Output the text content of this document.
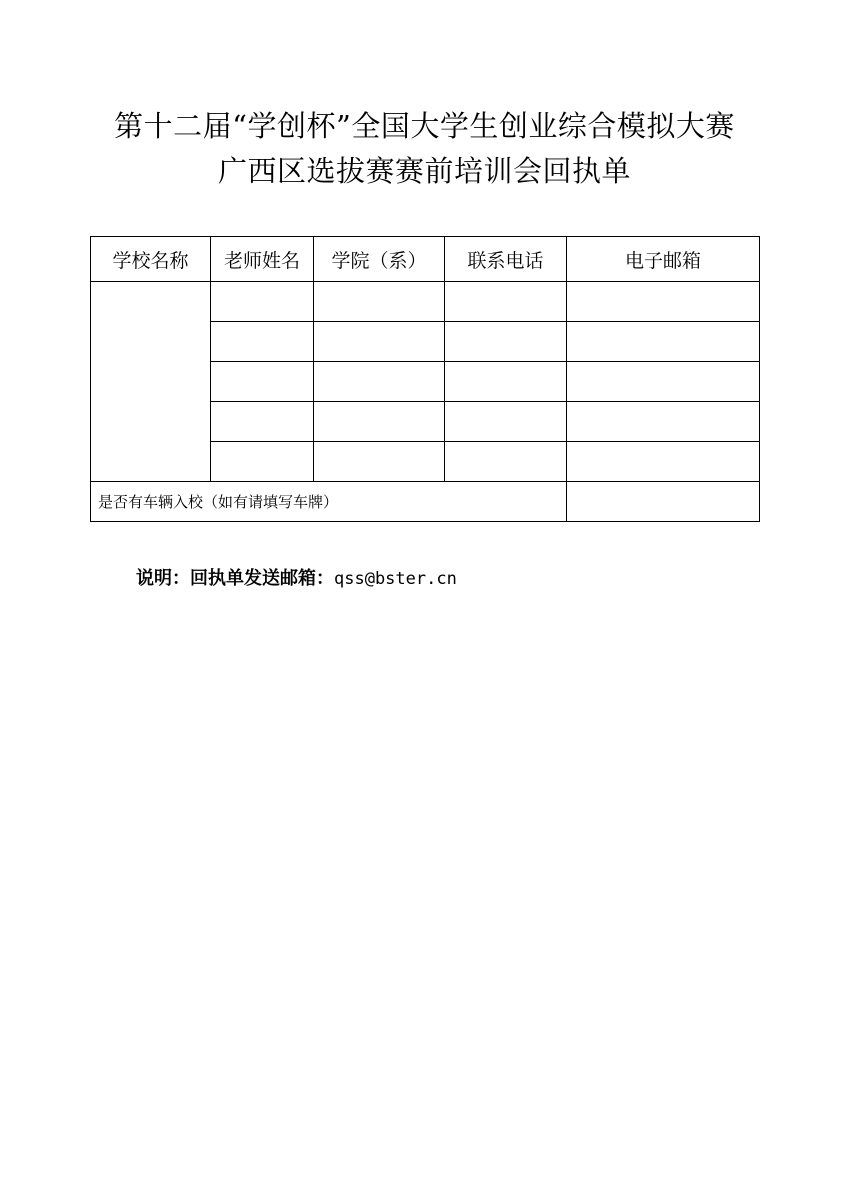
第十二届“学创杯”全国大学生创业综合模拟大赛
广西区选拔赛赛前培训会回执单
学校名称	老师姓名	学院（系）	联系电话	电子邮箱

是否有车辆入校（如有请填写车牌）				
说明：回执单发送邮箱：qss@bster.cn
